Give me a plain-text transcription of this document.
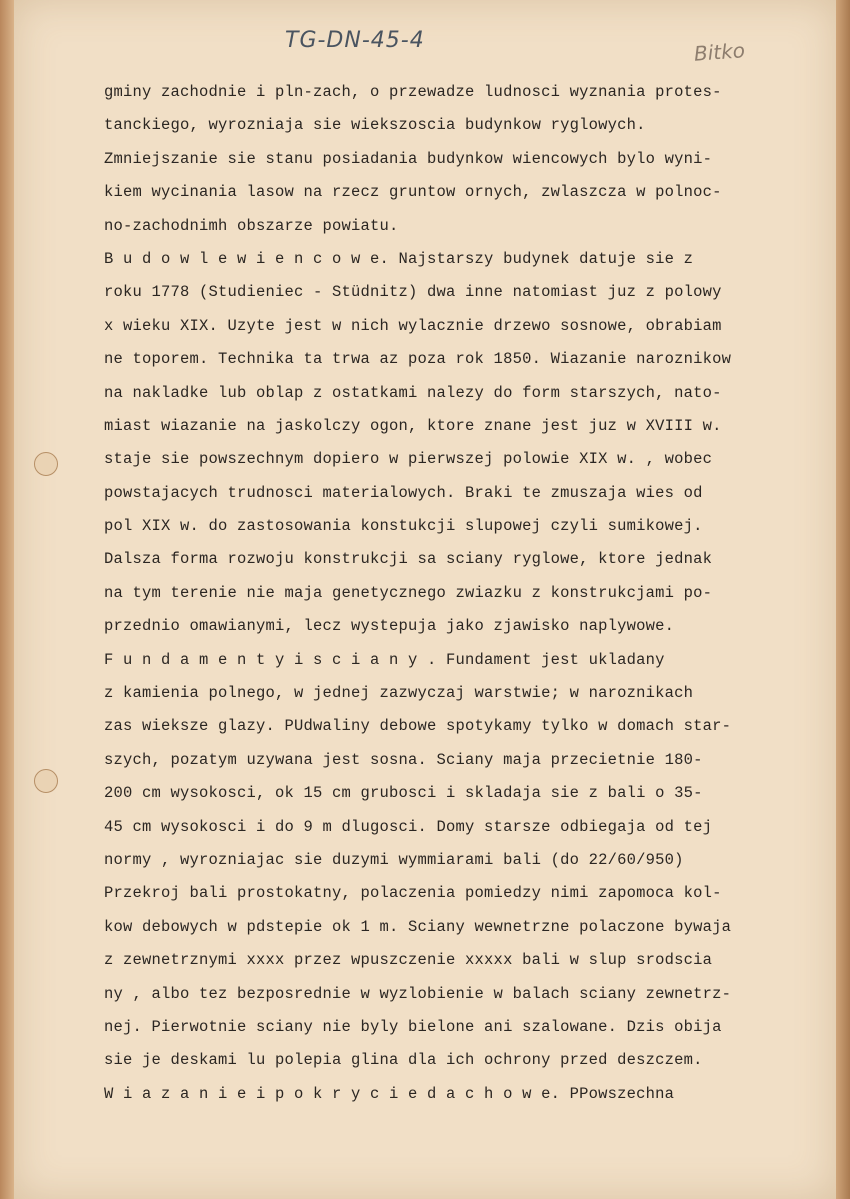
TG-DN-45-4	Bitko
gminy zachodnie i pln-zach, o przewadze ludnosci wyznania protes-
tanckiego, wyrozniaja sie wiekszoscia budynkow ryglowych.
Zmniejszanie sie stanu posiadania budynkow wiencowych bylo wyni-
kiem wycinania lasow na rzecz gruntow ornych, zwlaszcza w polnoc-
no-zachodnimh obszarze powiatu.
B u d o w l e w i e n c o w e. Najstarszy budynek datuje sie z
roku 1778 (Studieniec - Stüdnitz) dwa inne natomiast juz z polowy
x wieku XIX. Uzyte jest w nich wylacznie drzewo sosnowe, obrabiam
ne toporem. Technika ta trwa az poza rok 1850. Wiazanie naroznikow
na nakladke lub oblap z ostatkami nalezy do form starszych, nato-
miast wiazanie na jaskolczy ogon, ktore znane jest juz w XVIII w.
staje sie powszechnym dopiero w pierwszej polowie XIX w. , wobec
powstajacych trudnosci materialowych. Braki te zmuszaja wies od
pol XIX w. do zastosowania konstukcji slupowej czyli sumikowej.
Dalsza forma rozwoju konstrukcji sa sciany ryglowe, ktore jednak
na tym terenie nie maja genetycznego zwiazku z konstrukcjami po-
przednio omawianymi, lecz wystepuja jako zjawisko naplywowe.
F u n d a m e n t y i s c i a n y . Fundament jest ukladany
z kamienia polnego, w jednej zazwyczaj warstwie; w naroznikach
zas wieksze glazy. PUdwaliny debowe spotykamy tylko w domach star-
szych, pozatym uzywana jest sosna. Sciany maja przecietnie 180-
200 cm wysokosci, ok 15 cm grubosci i skladaja sie z bali o 35-
45 cm wysokosci i do 9 m dlugosci. Domy starsze odbiegaja od tej
normy , wyrozniajac sie duzymi wymmiarami bali (do 22/60/950)
Przekroj bali prostokatny, polaczenia pomiedzy nimi zapomoca kol-
kow debowych w pdstepie ok 1 m. Sciany wewnetrzne polaczone bywaja
z zewnetrznymi xxxx przez wpuszczenie xxxxx bali w slup srodscia
ny , albo tez bezposrednie w wyzlobienie w balach sciany zewnetrz-
nej. Pierwotnie sciany nie byly bielone ani szalowane. Dzis obija
sie je deskami lu polepia glina dla ich ochrony przed deszczem.
W i a z a n i e i p o k r y c i e d a c h o w e. PPowszechna
